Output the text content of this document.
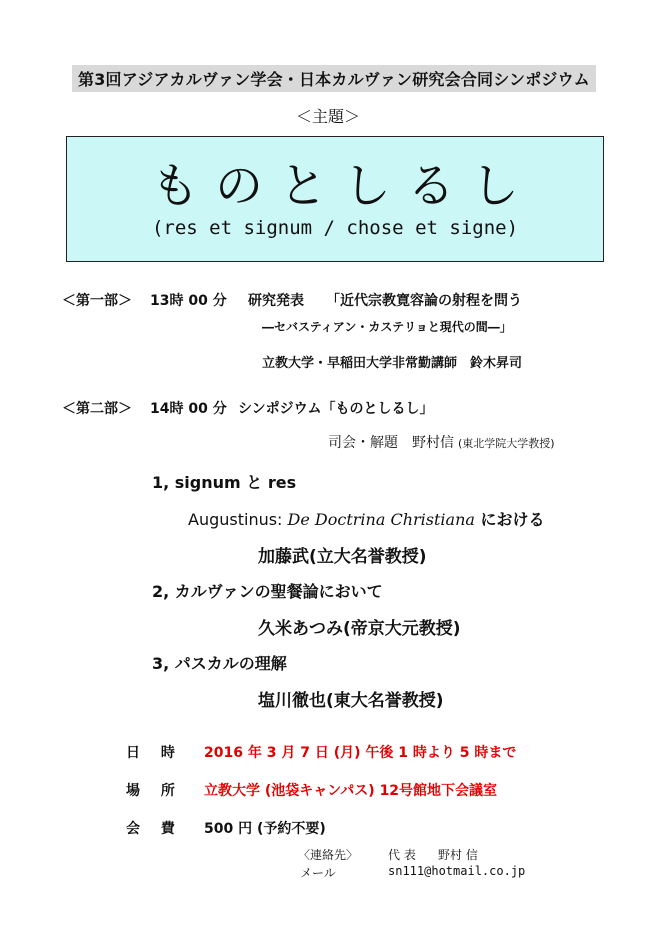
第3回アジアカルヴァン学会・日本カルヴァン研究会合同シンポジウム
＜主題＞
ものとしるし
(res et signum / chose et signe)
＜第一部＞ 13時 00 分 研究発表 「近代宗教寛容論の射程を問う
―セバスティアン・カステリョと現代の間―」
立教大学・早稲田大学非常勤講師 鈴木昇司
＜第二部＞ 14時 00 分 シンポジウム「ものとしるし」
司会・解題 野村信 (東北学院大学教授)
1, signum と res
Augustinus: De Doctrina Christiana における
加藤武(立大名誉教授)
2, カルヴァンの聖餐論において
久米あつみ(帝京大元教授)
3, パスカルの理解
塩川徹也(東大名誉教授)
日 時 2016 年 3 月 7 日 (月) 午後 1 時より 5 時まで
場 所 立教大学 (池袋キャンパス) 12号館地下会議室
会 費 500 円 (予約不要)
〈連絡先〉 代 表 野村 信
メール	sn111@hotmail.co.jp
